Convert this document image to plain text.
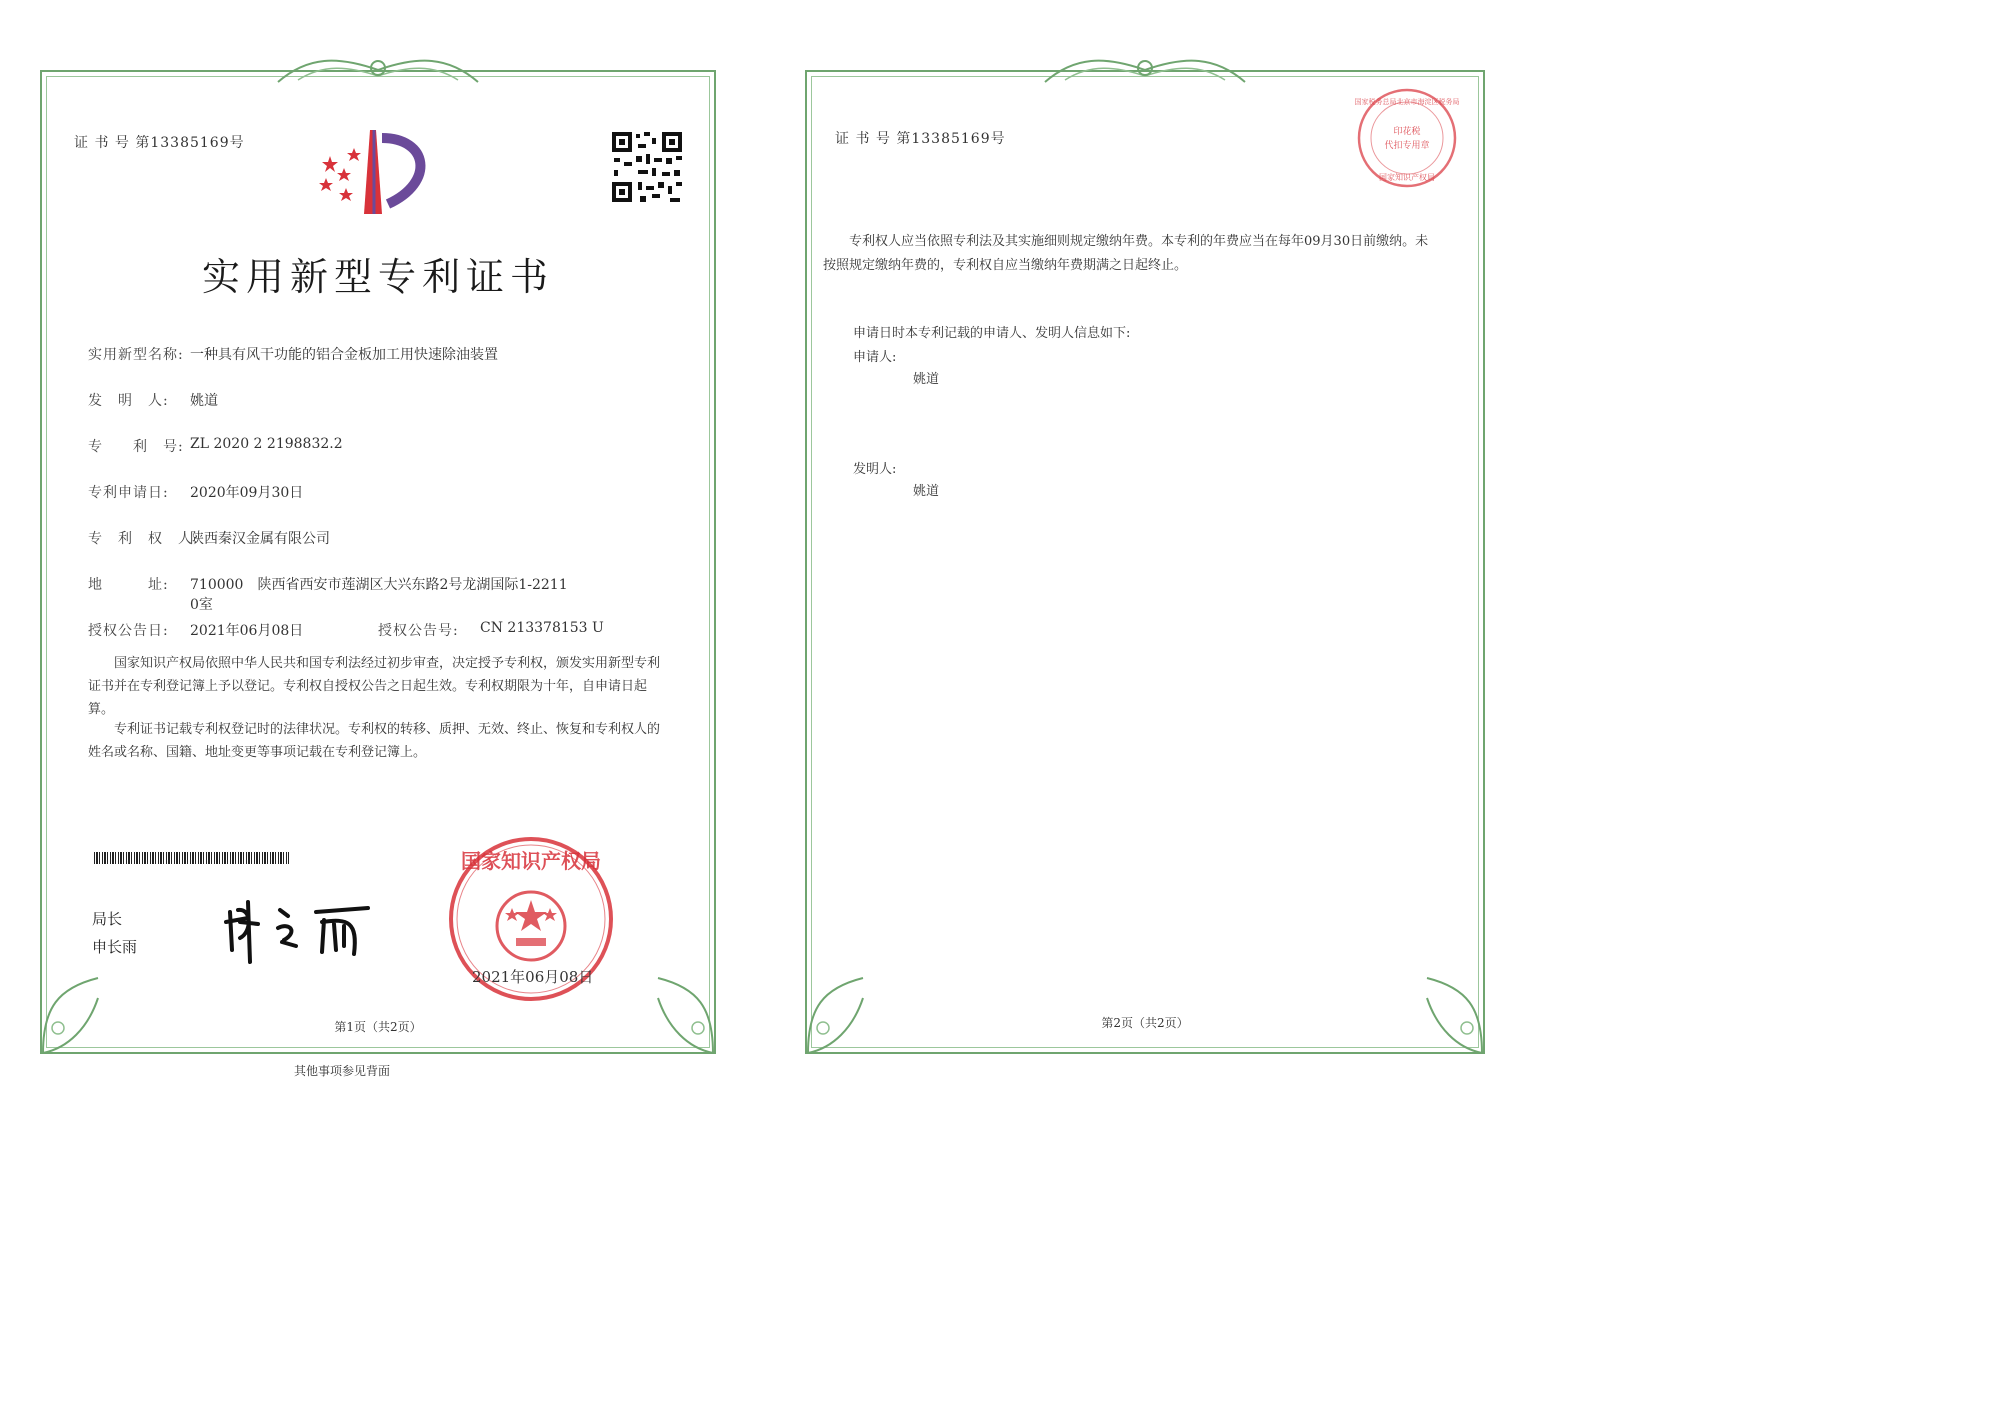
证 书 号 第13385169号
实用新型专利证书
实用新型名称: 一种具有风干功能的铝合金板加工用快速除油装置
发　明　人: 姚道
专　　利　号: ZL 2020 2 2198832.2
专利申请日: 2020年09月30日
专　利　权　人:
陕西秦汉金属有限公司
地　　　址: 710000　陕西省西安市莲湖区大兴东路2号龙湖国际1-2211
0室
授权公告日: 2021年06月08日	授权公告号: CN 213378153 U
国家知识产权局依照中华人民共和国专利法经过初步审查，决定授予专利权，颁发实用新型专利证书并在专利登记簿上予以登记。专利权自授权公告之日起生效。专利权期限为十年，自申请日起算。
专利证书记载专利权登记时的法律状况。专利权的转移、质押、无效、终止、恢复和专利权人的姓名或名称、国籍、地址变更等事项记载在专利登记簿上。
局长
申长雨
国家知识产权局
2021年06月08日
第1页（共2页）
其他事项参见背面
证 书 号 第13385169号
国家税务总局北京市海淀区税务局
印花税
代扣专用章
国家知识产权局
专利权人应当依照专利法及其实施细则规定缴纳年费。本专利的年费应当在每年09月30日前缴纳。未按照规定缴纳年费的，专利权自应当缴纳年费期满之日起终止。
申请日时本专利记载的申请人、发明人信息如下:
申请人:
姚道
发明人:
姚道
第2页（共2页）
